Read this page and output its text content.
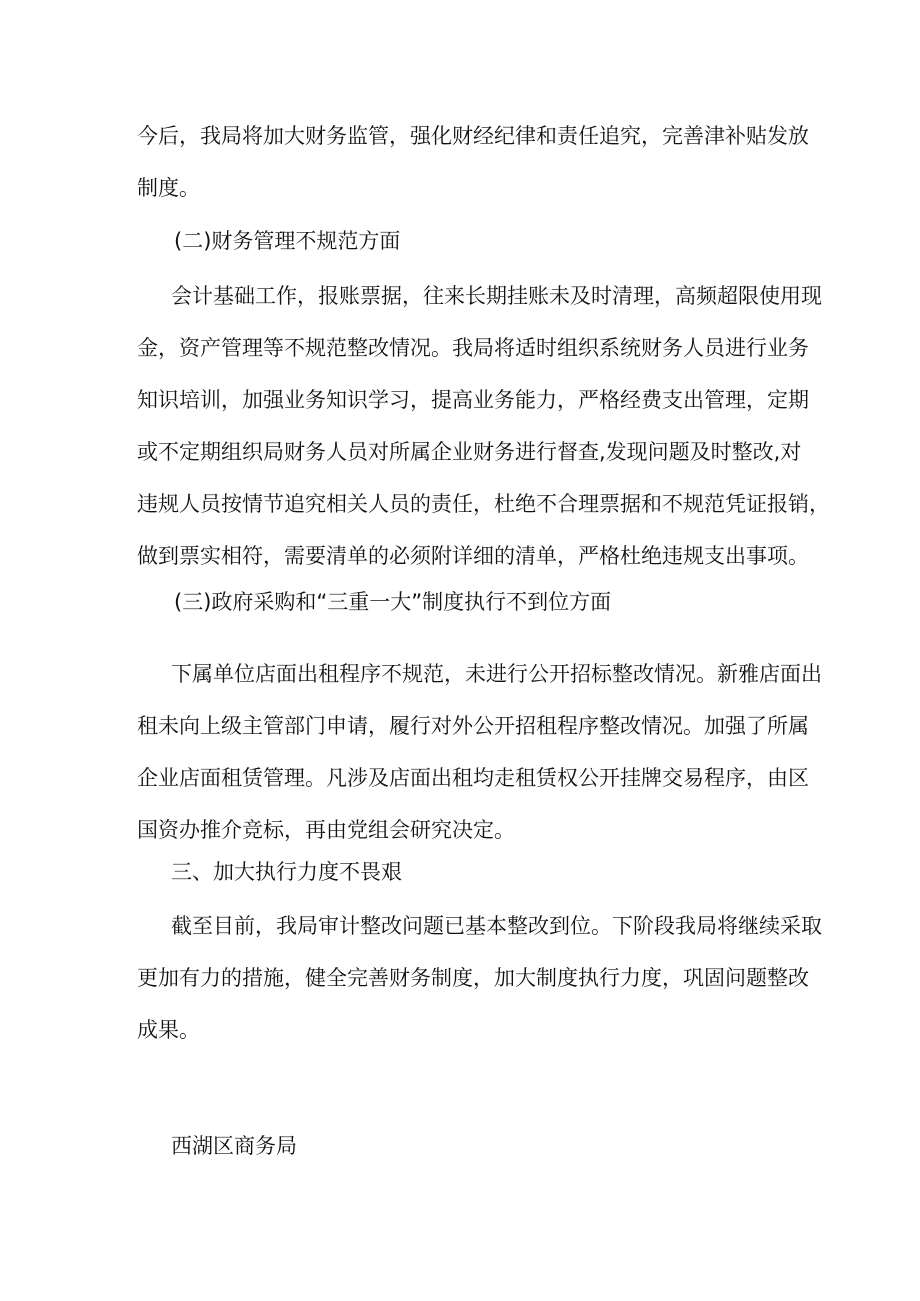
今后，我局将加大财务监管，强化财经纪律和责任追究，完善津补贴发放
制度。
(二)财务管理不规范方面
会计基础工作，报账票据，往来长期挂账未及时清理，高频超限使用现
金，资产管理等不规范整改情况。我局将适时组织系统财务人员进行业务
知识培训，加强业务知识学习，提高业务能力，严格经费支出管理，定期
或不定期组织局财务人员对所属企业财务进行督查,发现问题及时整改,对
违规人员按情节追究相关人员的责任，杜绝不合理票据和不规范凭证报销，
做到票实相符，需要清单的必须附详细的清单，严格杜绝违规支出事项。
(三)政府采购和“三重一大”制度执行不到位方面
下属单位店面出租程序不规范，未进行公开招标整改情况。新雅店面出
租未向上级主管部门申请，履行对外公开招租程序整改情况。加强了所属
企业店面租赁管理。凡涉及店面出租均走租赁权公开挂牌交易程序，由区
国资办推介竞标，再由党组会研究决定。
三、加大执行力度不畏艰
截至目前，我局审计整改问题已基本整改到位。下阶段我局将继续采取
更加有力的措施，健全完善财务制度，加大制度执行力度，巩固问题整改
成果。
西湖区商务局
